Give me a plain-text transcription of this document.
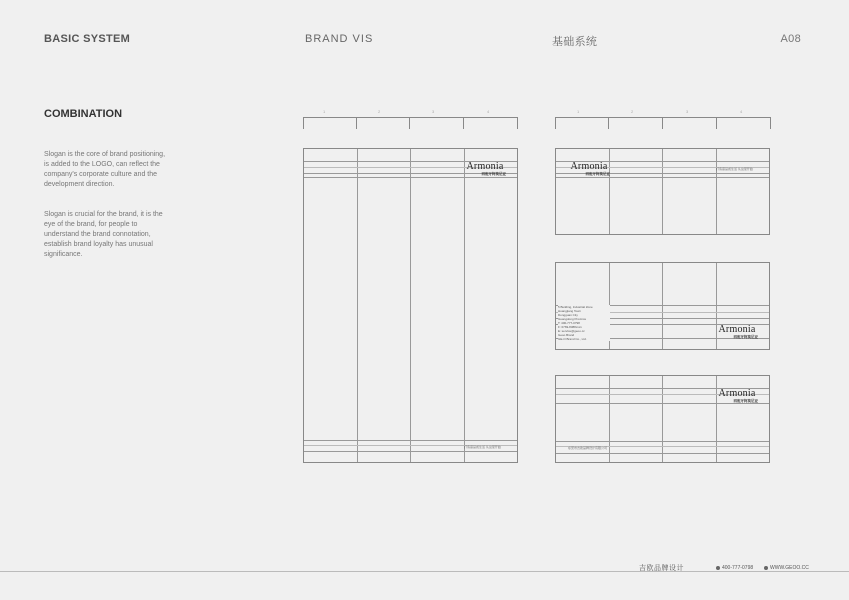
BASIC SYSTEM	BRAND VIS	基础系统	A08
COMBINATION
Slogan is the core of brand positioning, is added to the LOGO, can reflect the company's corporate culture and the development direction.
Slogan is crucial for the brand, it is the eye of the brand, for people to understand the brand connotation, establish brand loyalty has unusual significance.
1	2	3	4	1	2	3	4
Armonia
西班牙阿莫尼亚
打造高品质生活 从这里开始
Armonia
西班牙阿莫尼亚
打造高品质生活 从这里开始
5 Building, Industrial Zone
Huangjiang Town
Dongguan City
Guangdong Province
T: 400-777-0798
F: 0769-8388xxxx
E: service@geoo.cc
Geoo Brand
GE-O Brand Co., Ltd.
Armonia
西班牙阿莫尼亚
Armonia
西班牙阿莫尼亚
东莞市吉欧品牌设计有限公司
吉欧品牌设计	400-777-0798	WWW.GEOO.CC
